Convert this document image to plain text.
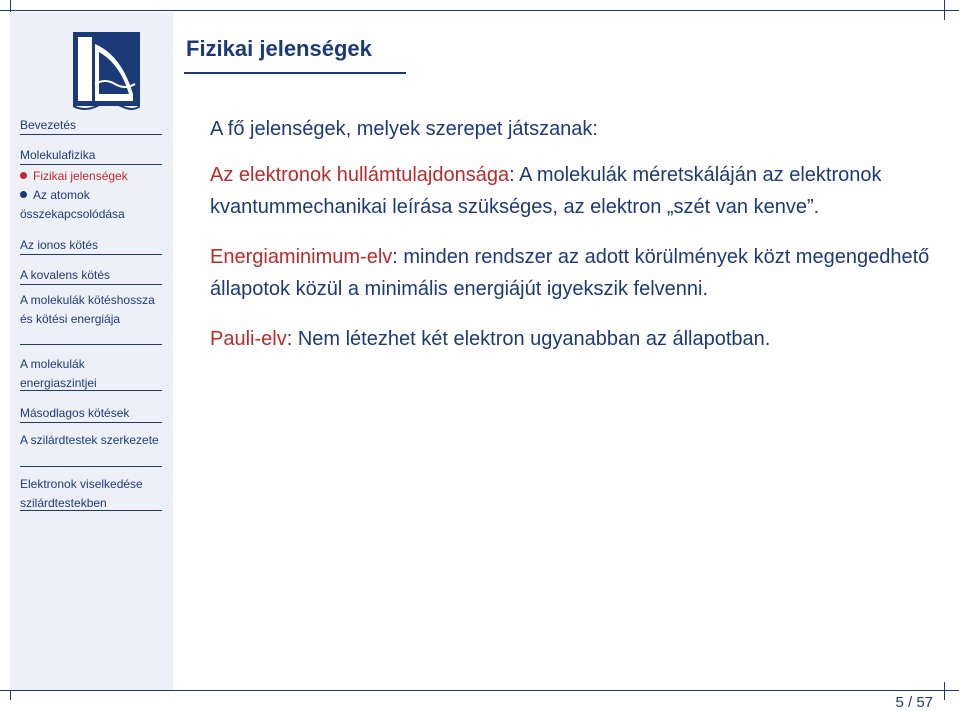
Bevezetés
Molekulafizika
Fizikai jelenségek
Az atomok összekapcsolódása
Az ionos kötés
A kovalens kötés
A molekulák kötéshossza és kötési energiája
A molekulák energiaszintjei
Másodlagos kötések
A szilárdtestek szerkezete
Elektronok viselkedése szilárdtestekben
Fizikai jelenségek

A fő jelenségek, melyek szerepet játszanak:

Az elektronok hullámtulajdonsága: A molekulák méretskáláján az elektronok kvantummechanikai leírása szükséges, az elektron „szét van kenve”.

Energiaminimum-elv: minden rendszer az adott körülmények közt megengedhető állapotok közül a minimális energiájút igyekszik felvenni.

Pauli-elv: Nem létezhet két elektron ugyanabban az állapotban.

5 / 57
